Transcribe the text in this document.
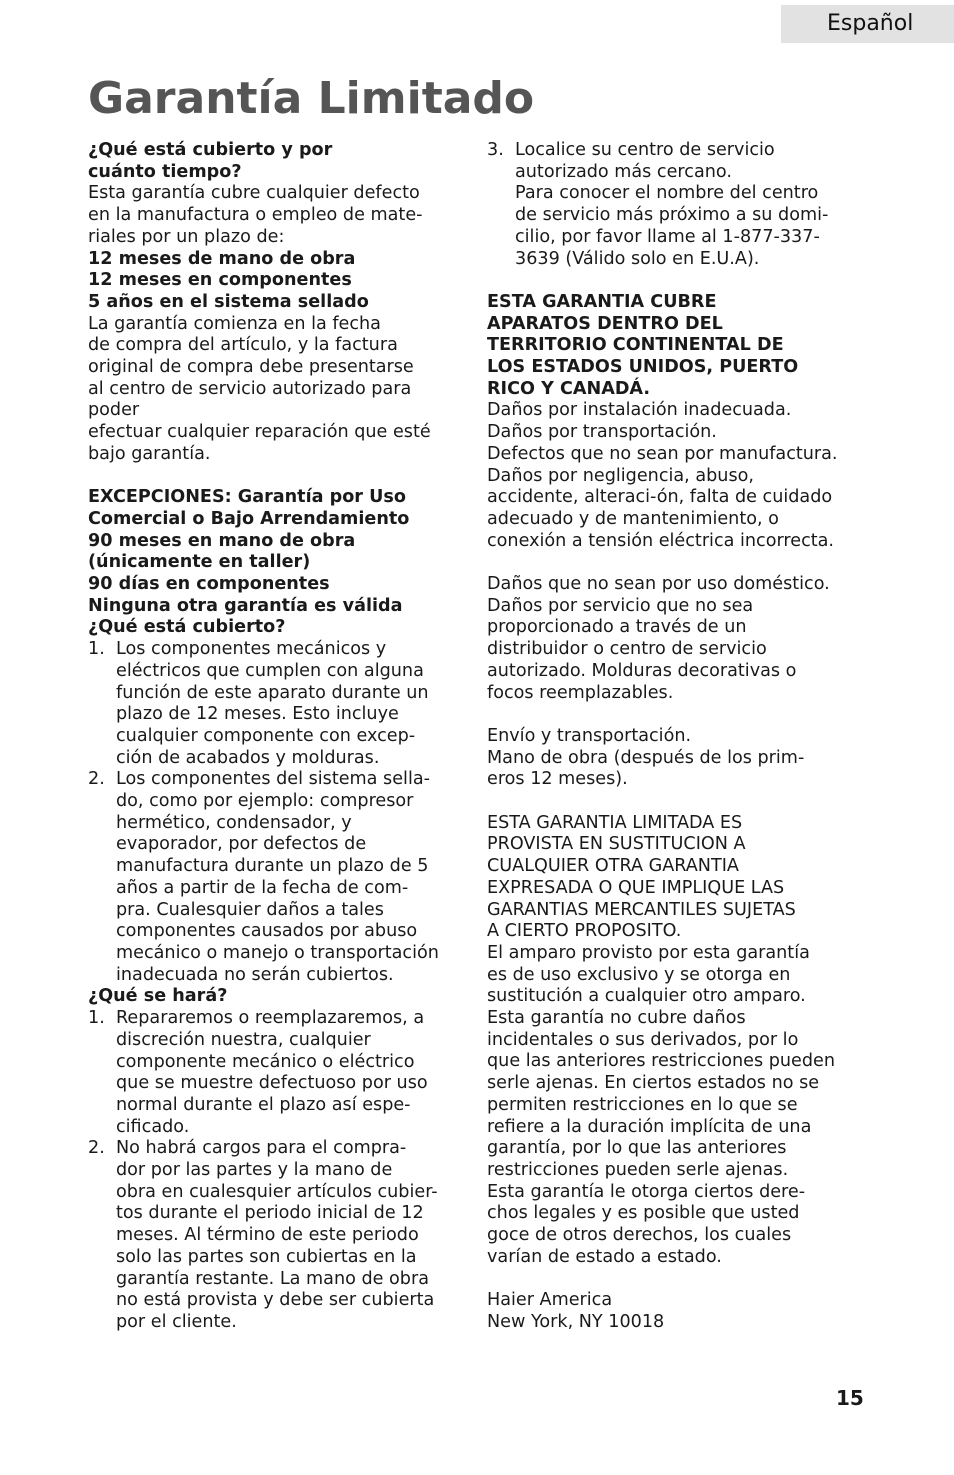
Español
Garantía Limitado

¿Qué está cubierto y por

cuánto tiempo?

Esta garantía cubre cualquier defecto

en la manufactura o empleo de mate-

riales por un plazo de:

12 meses de mano de obra

12 meses en componentes

5 años en el sistema sellado

La garantía comienza en la fecha

de compra del artículo, y la factura

original de compra debe presentarse

al centro de servicio autorizado para

poder

efectuar cualquier reparación que esté

bajo garantía.

EXCEPCIONES: Garantía por Uso

Comercial o Bajo Arrendamiento

90 meses en mano de obra

(únicamente en taller)

90 días en componentes

Ninguna otra garantía es válida

¿Qué está cubierto?

1. Los componentes mecánicos y

eléctricos que cumplen con alguna

función de este aparato durante un

plazo de 12 meses. Esto incluye

cualquier componente con excep-

ción de acabados y molduras.

2. Los componentes del sistema sella-

do, como por ejemplo: compresor

hermético, condensador, y

evaporador, por defectos de

manufactura durante un plazo de 5

años a partir de la fecha de com-

pra. Cualesquier daños a tales

componentes causados por abuso

mecánico o manejo o transportación

inadecuada no serán cubiertos.

¿Qué se hará?

1. Repararemos o reemplazaremos, a

discreción nuestra, cualquier

componente mecánico o eléctrico

que se muestre defectuoso por uso

normal durante el plazo así espe-

cificado.

2. No habrá cargos para el compra-

dor por las partes y la mano de

obra en cualesquier artículos cubier-

tos durante el periodo inicial de 12

meses. Al término de este periodo

solo las partes son cubiertas en la

garantía restante. La mano de obra

no está provista y debe ser cubierta

por el cliente.

3. Localice su centro de servicio

autorizado más cercano.

Para conocer el nombre del centro

de servicio más próximo a su domi-

cilio, por favor llame al 1-877-337-

3639 (Válido solo en E.U.A).

ESTA GARANTIA CUBRE

APARATOS DENTRO DEL

TERRITORIO CONTINENTAL DE

LOS ESTADOS UNIDOS, PUERTO

RICO Y CANADÁ.

Daños por instalación inadecuada.

Daños por transportación.

Defectos que no sean por manufactura.

Daños por negligencia, abuso,

accidente, alteraci-ón, falta de cuidado

adecuado y de mantenimiento, o

conexión a tensión eléctrica incorrecta.

Daños que no sean por uso doméstico.

Daños por servicio que no sea

proporcionado a través de un

distribuidor o centro de servicio

autorizado. Molduras decorativas o

focos reemplazables.

Envío y transportación.

Mano de obra (después de los prim-

eros 12 meses).

ESTA GARANTIA LIMITADA ES

PROVISTA EN SUSTITUCION A

CUALQUIER OTRA GARANTIA

EXPRESADA O QUE IMPLIQUE LAS

GARANTIAS MERCANTILES SUJETAS

A CIERTO PROPOSITO.

El amparo provisto por esta garantía

es de uso exclusivo y se otorga en

sustitución a cualquier otro amparo.

Esta garantía no cubre daños

incidentales o sus derivados, por lo

que las anteriores restricciones pueden

serle ajenas. En ciertos estados no se

permiten restricciones en lo que se

refiere a la duración implícita de una

garantía, por lo que las anteriores

restricciones pueden serle ajenas.

Esta garantía le otorga ciertos dere-

chos legales y es posible que usted

goce de otros derechos, los cuales

varían de estado a estado.

Haier America

New York, NY 10018

15
